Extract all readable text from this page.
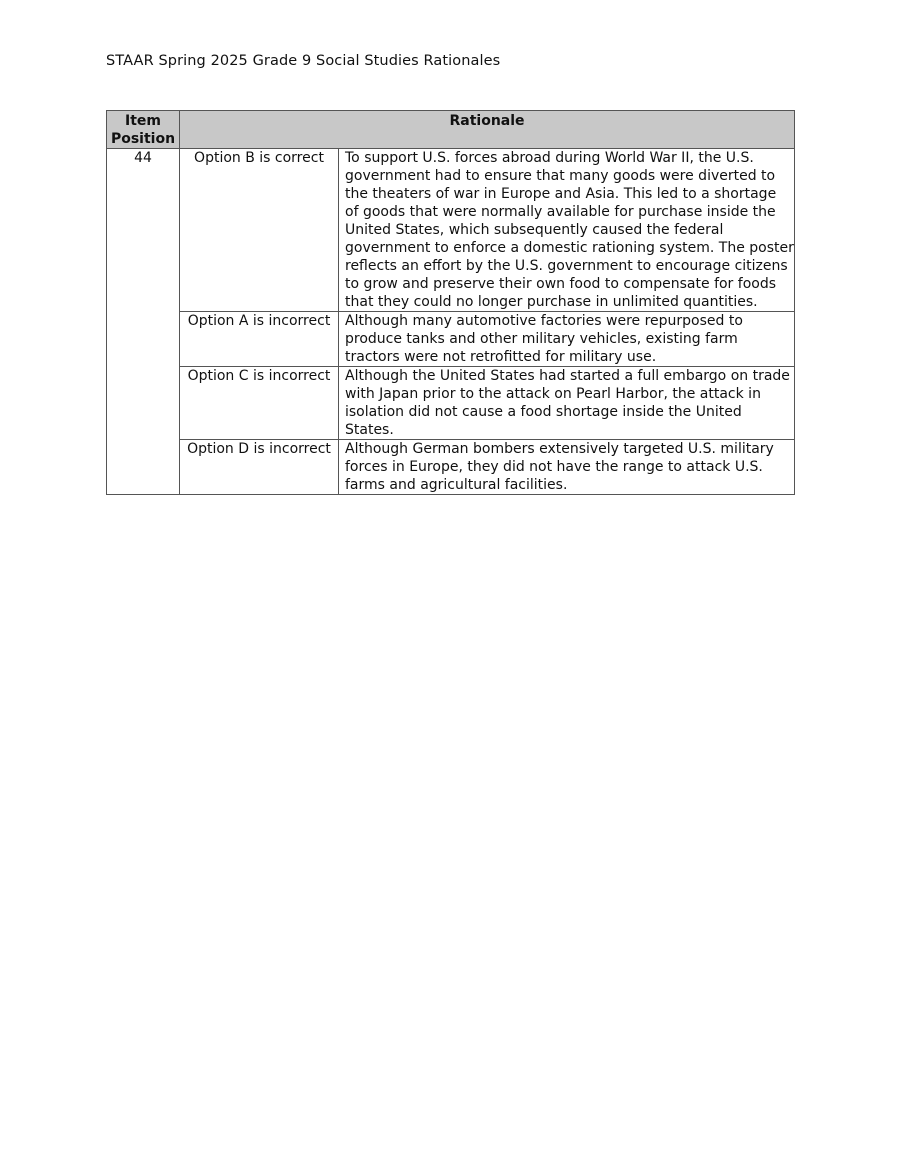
STAAR Spring 2025 Grade 9 Social Studies Rationales
Item Position	Rationale	
44	Option B is correct	To support U.S. forces abroad during World War II, the U.S. government had to ensure that many goods were diverted to the theaters of war in Europe and Asia. This led to a shortage of goods that were normally available for purchase inside the United States, which subsequently caused the federal government to enforce a domestic rationing system. The poster reflects an effort by the U.S. government to encourage citizens to grow and preserve their own food to compensate for foods that they could no longer purchase in unlimited quantities.
	Option A is incorrect	Although many automotive factories were repurposed to produce tanks and other military vehicles, existing farm tractors were not retrofitted for military use.
	Option C is incorrect	Although the United States had started a full embargo on trade with Japan prior to the attack on Pearl Harbor, the attack in isolation did not cause a food shortage inside the United States.
	Option D is incorrect	Although German bombers extensively targeted U.S. military forces in Europe, they did not have the range to attack U.S. farms and agricultural facilities.
